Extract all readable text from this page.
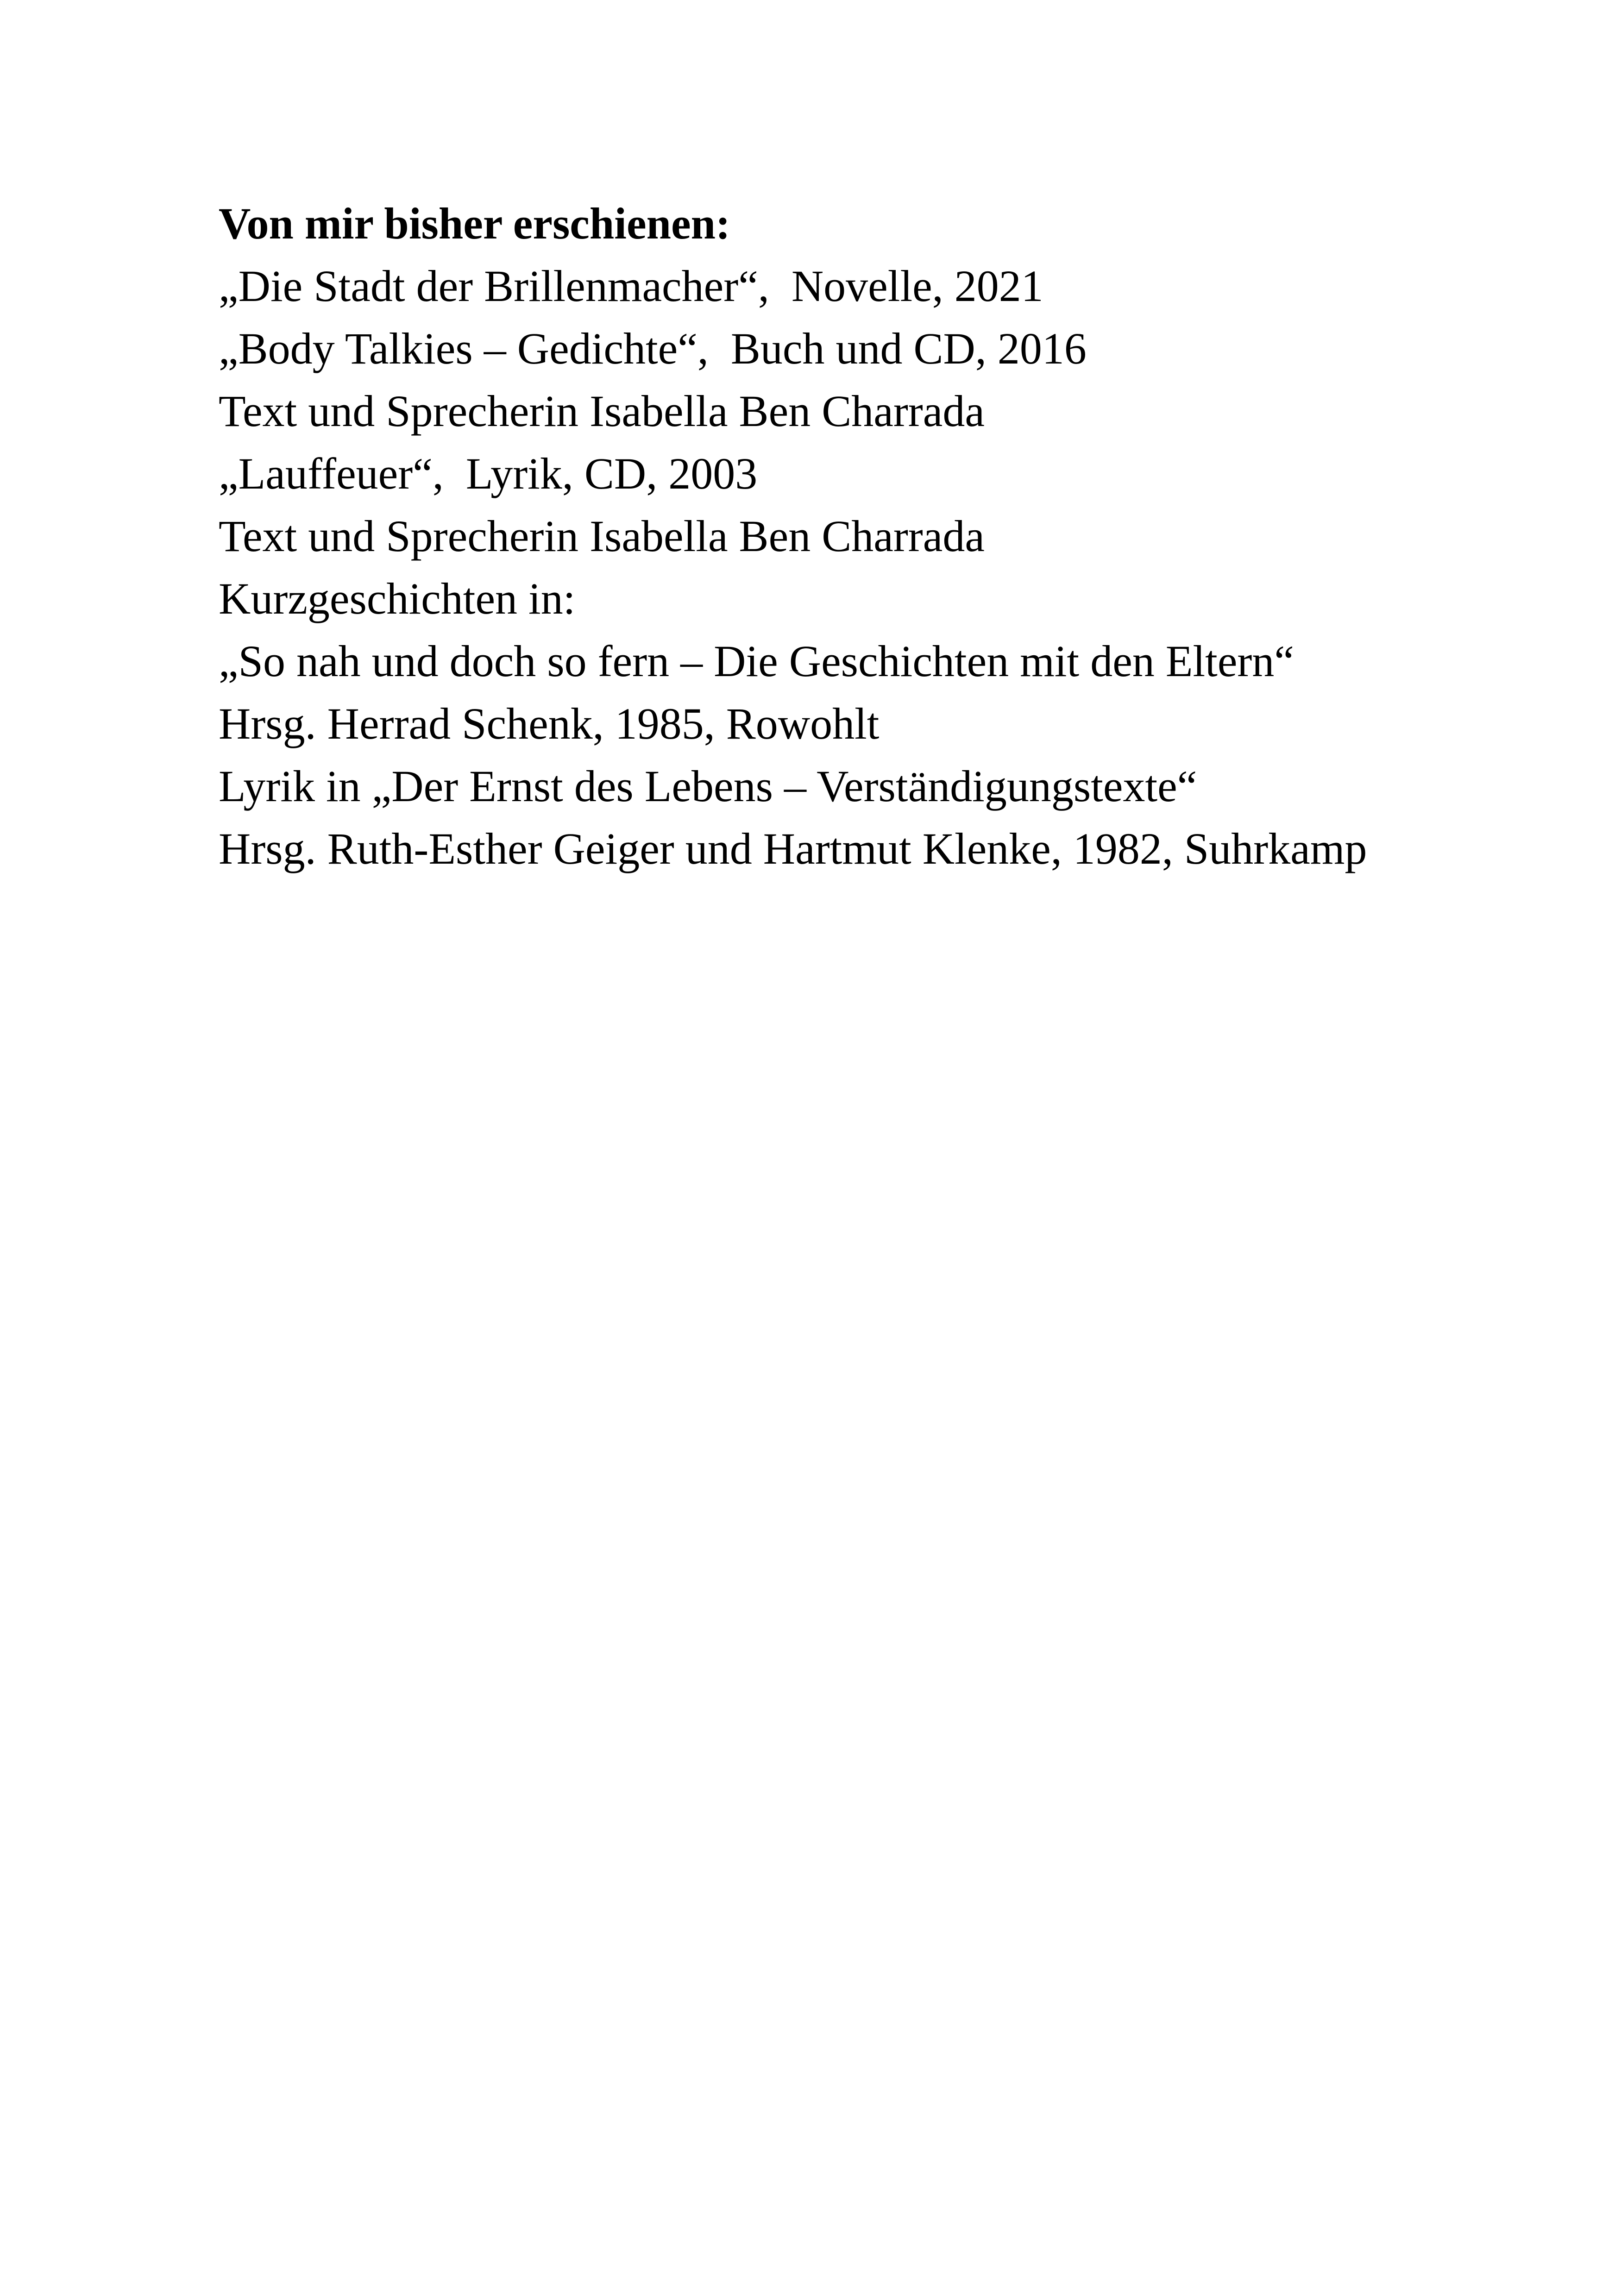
Von mir bisher erschienen:

„Die Stadt der Brillenmacher“,  Novelle, 2021

„Body Talkies – Gedichte“,  Buch und CD, 2016

Text und Sprecherin Isabella Ben Charrada

„Lauffeuer“,  Lyrik, CD, 2003

Text und Sprecherin Isabella Ben Charrada

Kurzgeschichten in:

„So nah und doch so fern – Die Geschichten mit den Eltern“

Hrsg. Herrad Schenk, 1985, Rowohlt

Lyrik in „Der Ernst des Lebens – Verständigungstexte“

Hrsg. Ruth-Esther Geiger und Hartmut Klenke, 1982, Suhrkamp
